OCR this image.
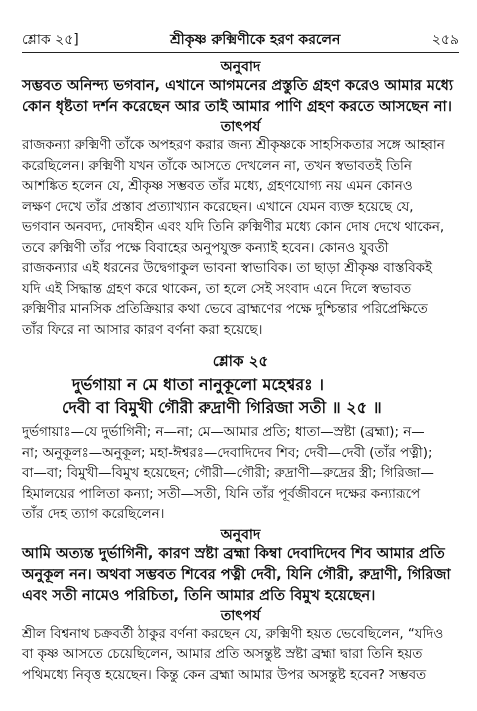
শ্লোক ২৫]	শ্রীকৃষ্ণ রুক্মিণীকে হরণ করলেন	২৫৯

অনুবাদ

সম্ভবত অনিন্দ্য ভগবান, এখানে আগমনের প্রস্তুতি গ্রহণ করেও আমার মধ্যে
কোন ধৃষ্টতা দর্শন করেছেন আর তাই আমার পাণি গ্রহণ করতে আসছেন না।

তাৎপর্য

রাজকন্যা রুক্মিণী তাঁকে অপহরণ করার জন্য শ্রীকৃষ্ণকে সাহসিকতার সঙ্গে আহ্বান
করেছিলেন। রুক্মিণী যখন তাঁকে আসতে দেখলেন না, তখন স্বভাবতই তিনি
আশঙ্কিত হলেন যে, শ্রীকৃষ্ণ সম্ভবত তাঁর মধ্যে, গ্রহণযোগ্য নয় এমন কোনও
লক্ষণ দেখে তাঁর প্রস্তাব প্রত্যাখ্যান করেছেন। এখানে যেমন ব্যক্ত হয়েছে যে,
ভগবান অনবদ্য, দোষহীন এবং যদি তিনি রুক্মিণীর মধ্যে কোন দোষ দেখে থাকেন,
তবে রুক্মিণী তাঁর পক্ষে বিবাহের অনুপযুক্ত কন্যাই হবেন। কোনও যুবতী
রাজকন্যার এই ধরনের উদ্বেগাকুল ভাবনা স্বাভাবিক। তা ছাড়া শ্রীকৃষ্ণ বাস্তবিকই
যদি এই সিদ্ধান্ত গ্রহণ করে থাকেন, তা হলে সেই সংবাদ এনে দিলে স্বভাবত
রুক্মিণীর মানসিক প্রতিক্রিয়ার কথা ভেবে ব্রাহ্মণের পক্ষে দুশ্চিন্তার পরিপ্রেক্ষিতে
তাঁর ফিরে না আসার কারণ বর্ণনা করা হয়েছে।

শ্লোক ২৫

দুর্ভগায়া ন মে ধাতা নানুকূলো মহেশ্বরঃ ।

দেবী বা বিমুখী গৌরী রুদ্রাণী গিরিজা সতী ॥ ২৫ ॥

দুর্ভগায়াঃ—যে দুর্ভাগিনী; ন—না; মে—আমার প্রতি; ধাতা—স্রষ্টা (ব্রহ্মা); ন—
না; অনুকূলঃ—অনুকূল; মহা-ঈশ্বরঃ—দেবাদিদেব শিব; দেবী—দেবী (তাঁর পত্নী);
বা—বা; বিমুখী—বিমুখ হয়েছেন; গৌরী—গৌরী; রুদ্রাণী—রুদ্রের স্ত্রী; গিরিজা—
হিমালয়ের পালিতা কন্যা; সতী—সতী, যিনি তাঁর পূর্বজীবনে দক্ষের কন্যারূপে
তাঁর দেহ ত্যাগ করেছিলেন।

অনুবাদ

আমি অত্যন্ত দুর্ভাগিনী, কারণ স্রষ্টা ব্রহ্মা কিম্বা দেবাদিদেব শিব আমার প্রতি
অনুকূল নন। অথবা সম্ভবত শিবের পত্নী দেবী, যিনি গৌরী, রুদ্রাণী, গিরিজা
এবং সতী নামেও পরিচিতা, তিনি আমার প্রতি বিমুখ হয়েছেন।

তাৎপর্য

শ্রীল বিশ্বনাথ চক্রবর্তী ঠাকুর বর্ণনা করছেন যে, রুক্মিণী হয়ত ভেবেছিলেন, “যদিও
বা কৃষ্ণ আসতে চেয়েছিলেন, আমার প্রতি অসন্তুষ্ট স্রষ্টা ব্রহ্মা দ্বারা তিনি হয়ত
পথিমধ্যে নিবৃত্ত হয়েছেন। কিন্তু কেন ব্রহ্মা আমার উপর অসন্তুষ্ট হবেন? সম্ভবত
